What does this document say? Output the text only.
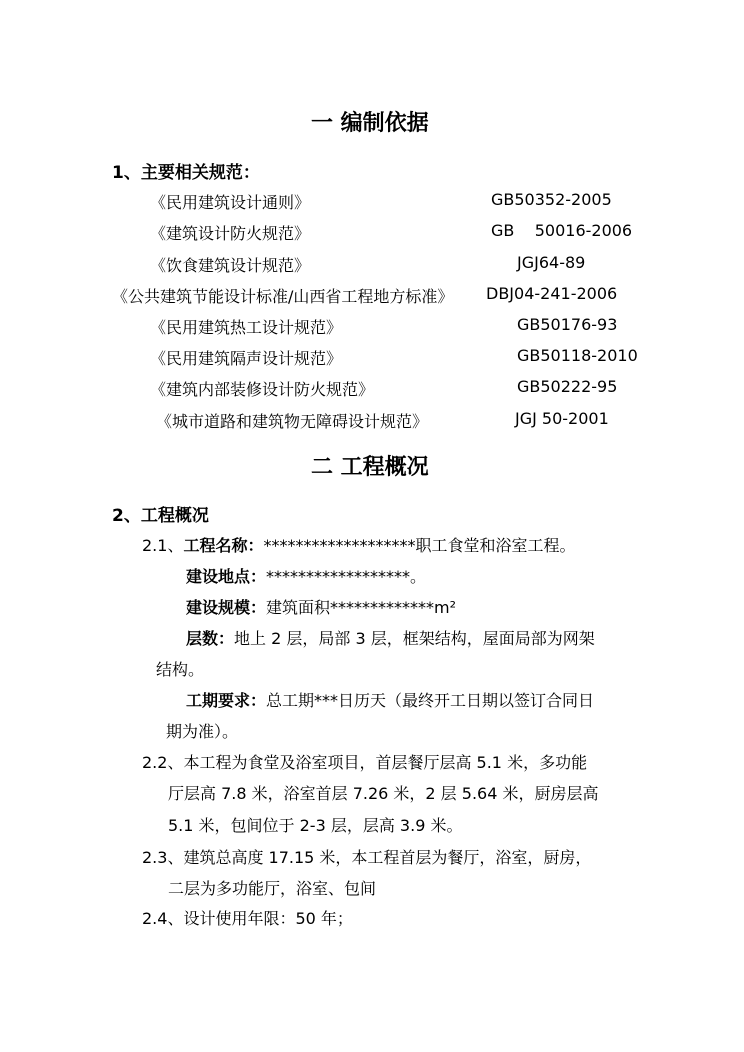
一 编制依据
1、主要相关规范：
《民用建筑设计通则》	GB50352-2005
《建筑设计防火规范》	GB    50016-2006
《饮食建筑设计规范》	JGJ64-89
《公共建筑节能设计标准/山西省工程地方标准》 DBJ04-241-2006
《民用建筑热工设计规范》	GB50176-93
《民用建筑隔声设计规范》	GB50118-2010
《建筑内部装修设计防火规范》	GB50222-95
《城市道路和建筑物无障碍设计规范》	JGJ 50-2001
二 工程概况
2、工程概况
2.1、工程名称：*******************职工食堂和浴室工程。
建设地点：******************。
建设规模：建筑面积*************m²
层数：地上 2 层，局部 3 层，框架结构，屋面局部为网架
结构。
工期要求：总工期***日历天（最终开工日期以签订合同日
期为准）。
2.2、本工程为食堂及浴室项目，首层餐厅层高 5.1 米，多功能
厅层高 7.8 米，浴室首层 7.26 米，2 层 5.64 米，厨房层高
5.1 米，包间位于 2-3 层，层高 3.9 米。
2.3、建筑总高度 17.15 米，本工程首层为餐厅，浴室，厨房，
二层为多功能厅，浴室、包间
2.4、设计使用年限：50 年；
